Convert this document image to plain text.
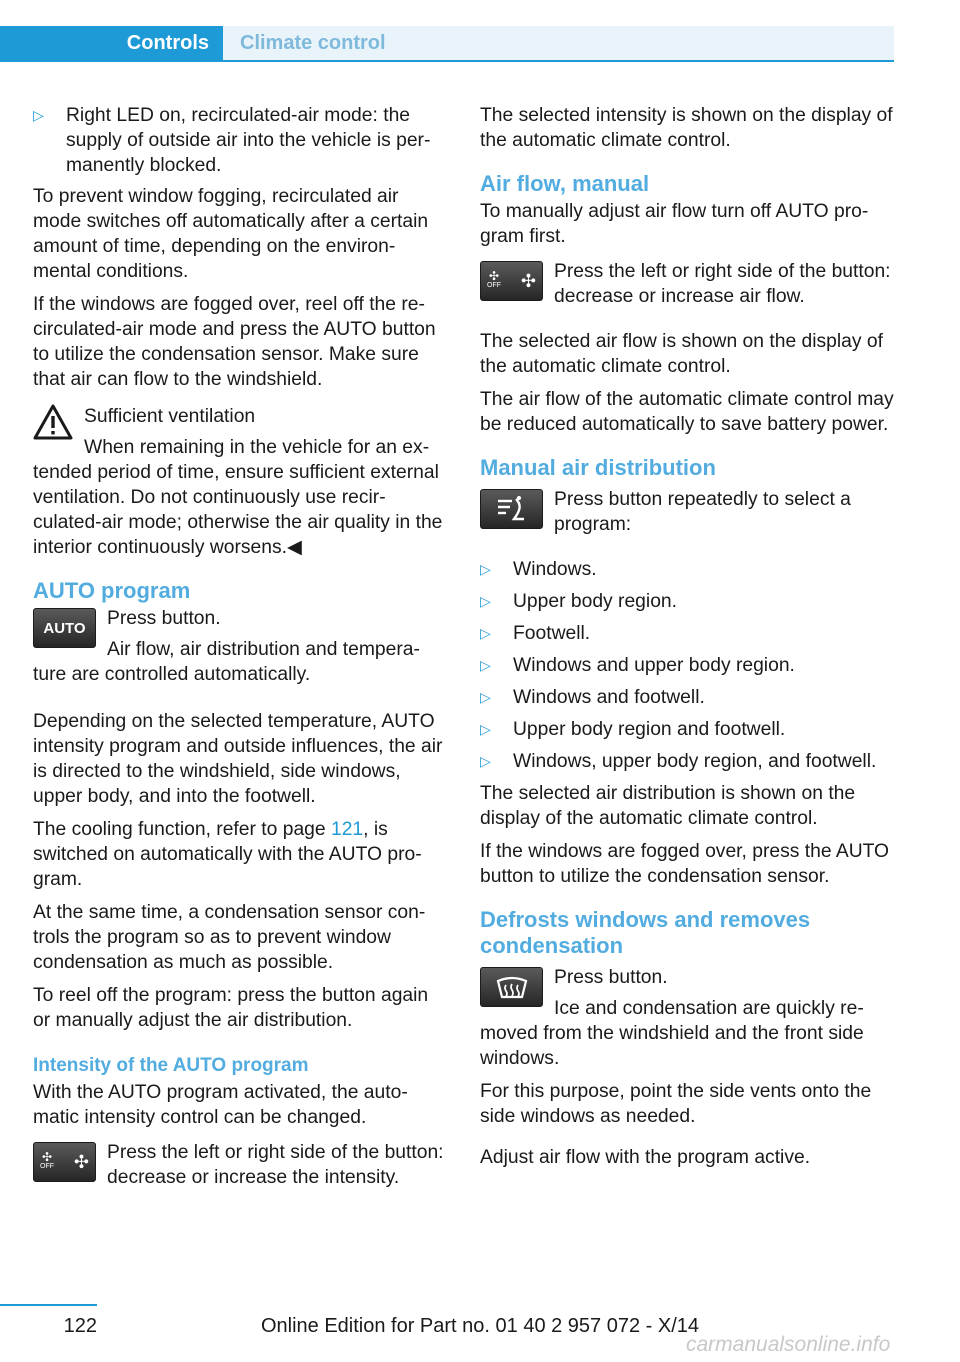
Controls	Climate control
▷ Right LED on, recirculated-air mode: the supply of outside air into the vehicle is permanently blocked.

To prevent window fogging, recirculated air mode switches off automatically after a certain amount of time, depending on the environmental conditions.

If the windows are fogged over, reel off the recirculated-air mode and press the AUTO button to utilize the condensation sensor. Make sure that air can flow to the windshield.

Sufficient ventilation

When remaining in the vehicle for an extended period of time, ensure sufficient external ventilation. Do not continuously use recirculated-air mode; otherwise the air quality in the interior continuously worsens.◀

AUTO program
AUTO	Press button.

Air flow, air distribution and temperature are controlled automatically.

Depending on the selected temperature, AUTO intensity program and outside influences, the air is directed to the windshield, side windows, upper body, and into the footwell.

The cooling function, refer to page 121, is switched on automatically with the AUTO program.

At the same time, a condensation sensor controls the program so as to prevent window condensation as much as possible.

To reel off the program: press the button again or manually adjust the air distribution.

Intensity of the AUTO program

With the AUTO program activated, the automatic intensity control can be changed.

✣
OFF ✣ Press the left or right side of the button: decrease or increase the intensity.

The selected intensity is shown on the display of the automatic climate control.

Air flow, manual

To manually adjust air flow turn off AUTO program first.

✣
OFF ✣ Press the left or right side of the button: decrease or increase air flow.

The selected air flow is shown on the display of the automatic climate control.

The air flow of the automatic climate control may be reduced automatically to save battery power.

Manual air distribution

Press button repeatedly to select a program:

▷ Windows.
▷ Upper body region.
▷ Footwell.
▷ Windows and upper body region.
▷ Windows and footwell.
▷ Upper body region and footwell.
▷ Windows, upper body region, and footwell.

The selected air distribution is shown on the display of the automatic climate control.

If the windows are fogged over, press the AUTO button to utilize the condensation sensor.

Defrosts windows and removes condensation

Press button.

Ice and condensation are quickly removed from the windshield and the front side windows.

For this purpose, point the side vents onto the side windows as needed.

Adjust air flow with the program active.

122	Online Edition for Part no. 01 40 2 957 072 - X/14
carmanualsonline.info
